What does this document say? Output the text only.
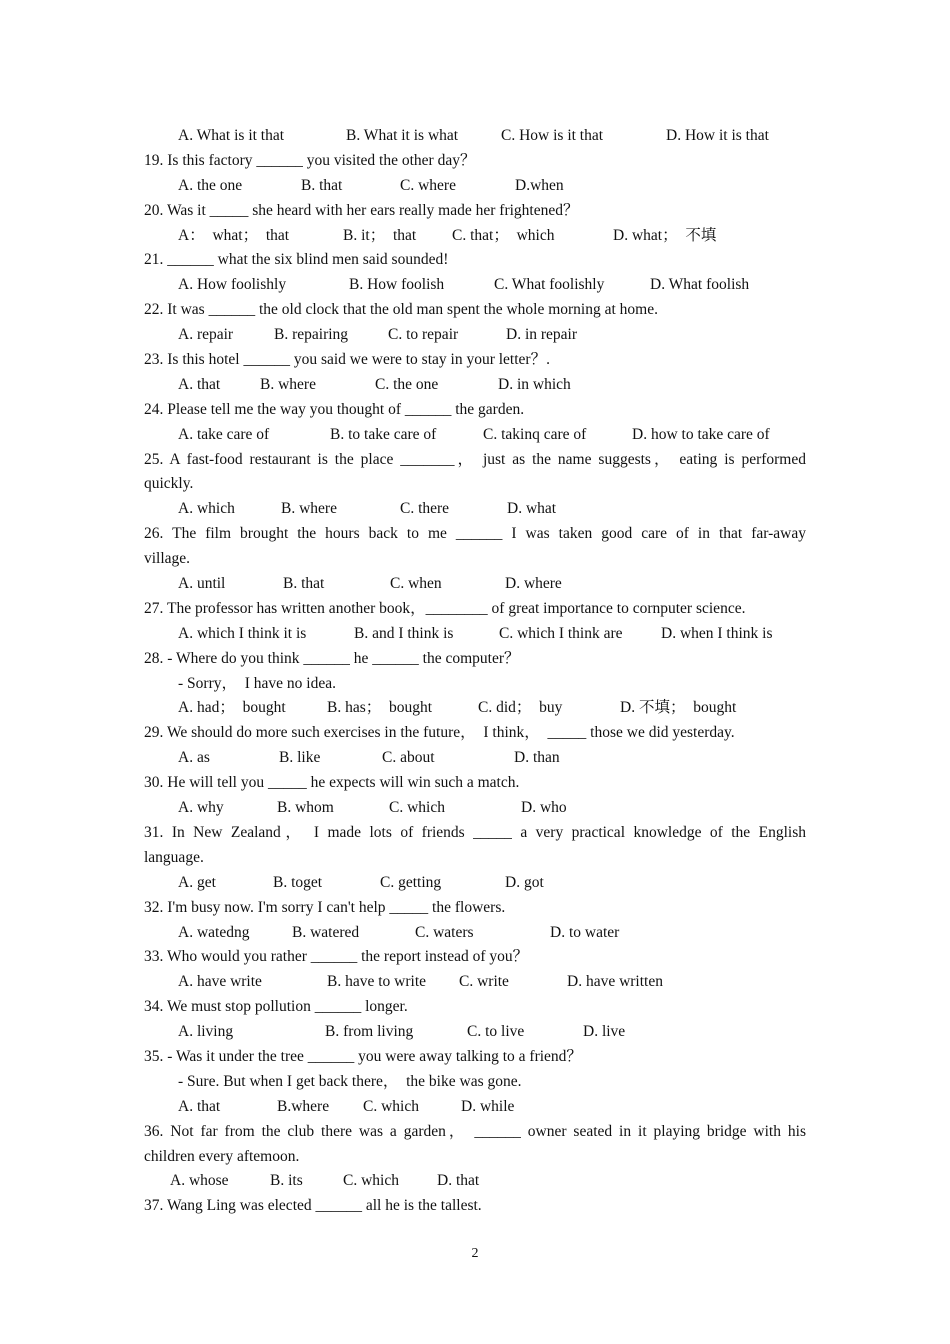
A. What is it that

	B. What it is what

	C. How is it that

	D. How it is that

19. Is this factory ______ you visited the other day？

A. the one

	B. that

	C. where

	D.when

20. Was it _____ she heard with her ears really made her frightened？

A：  what；  that

	B. it；  that

C. that；  which

	D. what；  不填

21. ______ what the six blind men said sounded!

A. How foolishly

	B. How foolish

	C. What foolishly

	D. What foolish

22. It was ______ the old clock that the old man spent the whole morning at home.

A. repair

	B. repairing

	C. to repair

	D. in repair

23. Is this hotel ______ you said we were to stay in your letter？.

A. that

	B. where

	C. the one

	D. in which

24. Please tell me the way you thought of ______ the garden.

A. take care of

	B. to take care of

	C. takinq care of

	D. how to take care of

25. A fast-food restaurant is the place _______， just as the name suggests， eating is performed
quickly.

A. which

	B. where

	C. there

	D. what

26. The film brought the hours back to me ______ I was taken good care of in that far-away
village.

A. until

	B. that

	C. when

	D. where

27. The professor has written another book，________ of great importance to cornputer science.

A. which I think it is

	B. and I think is

	C. which I think are

D. when I think is

28. - Where do you think ______ he ______ the computer？
- Sorry，  I have no idea.

A. had；  bought

	B. has；  bought

	C. did；  buy

	D. 不填；  bought

29. We should do more such exercises in the future，  I think，  _____ those we did yesterday.

A. as

	B. like

	C. about

	D. than

30. He will tell you _____ he expects will win such a match.

A. why

	B. whom

	C. which

	D. who

31. In New Zealand， I made lots of friends _____ a very practical knowledge of the English
language.

A. get

	B. toget

	C. getting

	D. got

32. I'm busy now. I'm sorry I can't help _____ the flowers.

A. watedng

	B. watered

	C. waters

	D. to water

33. Who would you rather ______ the report instead of you？

A. have write

	B. have to write

C. write

	D. have written

34. We must stop pollution ______ longer.

A. living

	B. from living

	C. to live

	D. live

35. - Was it under the tree ______ you were away talking to a friend？
- Sure. But when I get back there，  the bike was gone.

A. that

	B.where

C. which

	D. while

36. Not far from the club there was a garden， ______ owner seated in it playing bridge with his
children every aftemoon.

A. whose

	B. its

	C. which

D. that

37. Wang Ling was elected ______ all he is the tallest.
2
